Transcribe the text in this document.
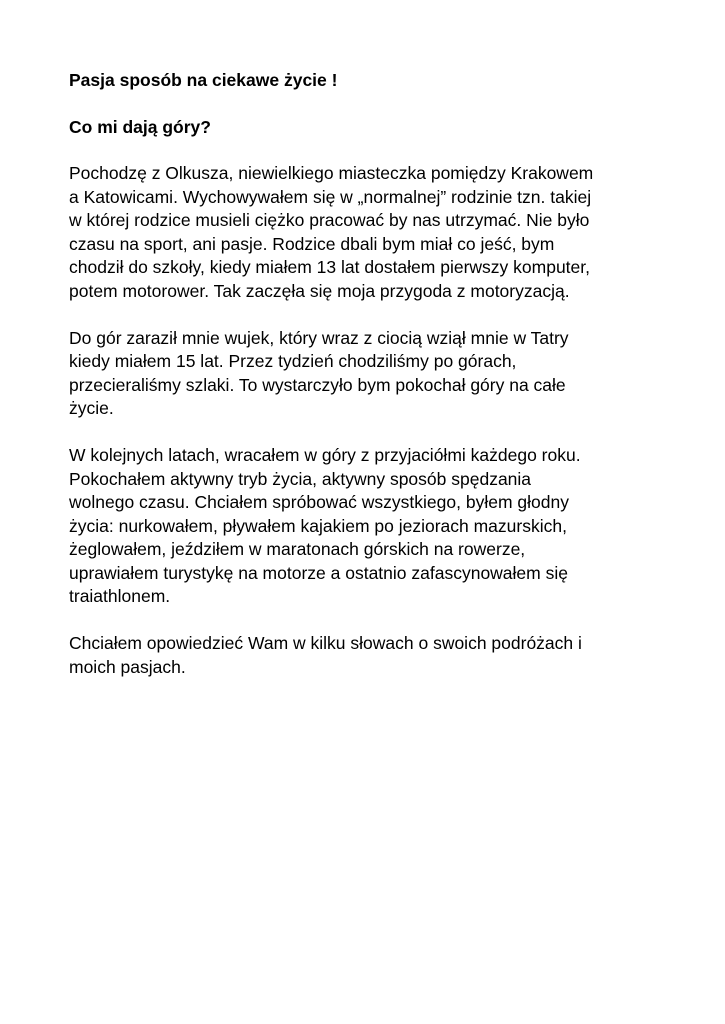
Pasja sposób na ciekawe życie !
Co mi dają góry?
Pochodzę z Olkusza, niewielkiego miasteczka pomiędzy Krakowem
a Katowicami. Wychowywałem się w „normalnej” rodzinie tzn. takiej
w której rodzice musieli ciężko pracować by nas utrzymać. Nie było
czasu na sport, ani pasje. Rodzice dbali bym miał co jeść, bym
chodził do szkoły, kiedy miałem 13 lat dostałem pierwszy komputer,
potem motorower. Tak zaczęła się moja przygoda z motoryzacją.
Do gór zaraził mnie wujek, który wraz z ciocią wziął mnie w Tatry
kiedy miałem 15 lat. Przez tydzień chodziliśmy po górach,
przecieraliśmy szlaki. To wystarczyło bym pokochał góry na całe
życie.
W kolejnych latach, wracałem w góry z przyjaciółmi każdego roku.
Pokochałem aktywny tryb życia, aktywny sposób spędzania
wolnego czasu. Chciałem spróbować wszystkiego, byłem głodny
życia: nurkowałem, pływałem kajakiem po jeziorach mazurskich,
żeglowałem, jeździłem w maratonach górskich na rowerze,
uprawiałem turystykę na motorze a ostatnio zafascynowałem się
traiathlonem.
Chciałem opowiedzieć Wam w kilku słowach o swoich podróżach i
moich pasjach.
